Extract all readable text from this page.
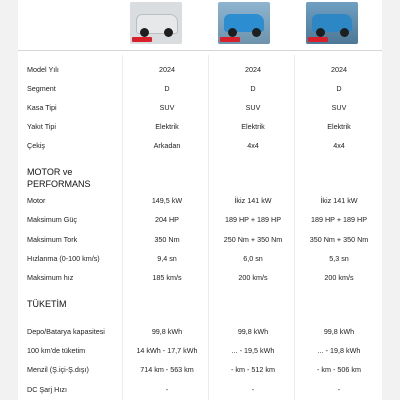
Model Yılı	2024	2024	2024
Segment	D	D	D
Kasa Tipi	SUV	SUV	SUV
Yakıt Tipi	Elektrik	Elektrik	Elektrik
Çekiş	Arkadan	4x4	4x4
MOTOR ve
PERFORMANS
Motor	149,5 kW	İkiz 141 kW	İkiz 141 kW
Maksimum Güç	204 HP	189 HP + 189 HP	189 HP + 189 HP
Maksimum Tork	350 Nm	250 Nm + 350 Nm	350 Nm + 350 Nm
Hızlanma (0-100 km/s)	9,4 sn	6,0 sn	5,3 sn
Maksimum hız	185 km/s	200 km/s	200 km/s
TÜKETİM
Depo/Batarya kapasitesi	99,8 kWh	99,8 kWh	99,8 kWh
100 km'de tüketim	14 kWh - 17,7 kWh	... - 19,5 kWh	... - 19,8 kWh
Menzil (Ş.içi-Ş.dışı)	714 km - 563 km	- km - 512 km	- km - 506 km
DC Şarj Hızı	-	-	-
